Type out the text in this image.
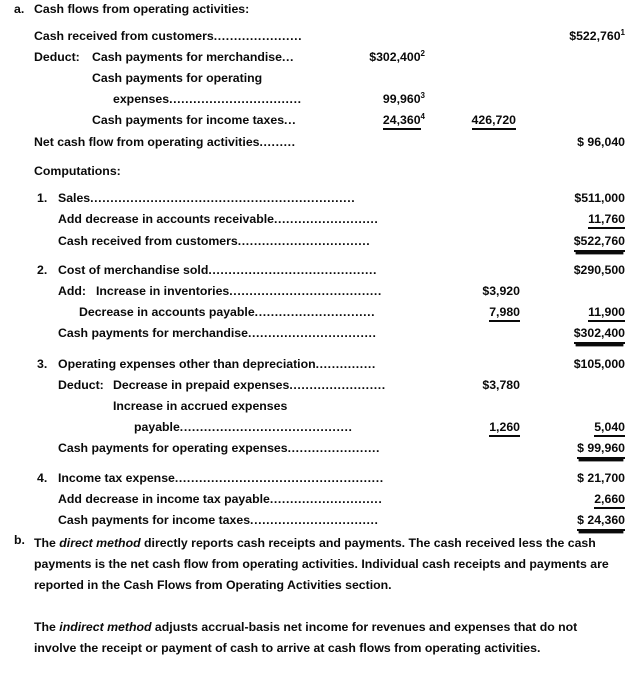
a. Cash flows from operating activities:
Cash received from customers......................	$522,760$^1$
Deduct: Cash payments for merchandise...	$302,400$^2$
Cash payments for operating
expenses.................................	99,960$^3$
Cash payments for income taxes...	24,360$^4$	426,720
Net cash flow from operating activities.........	$ 96,040
Computations:
1. Sales..................................................................	$511,000
Add decrease in accounts receivable..........................	11,760
Cash received from customers.................................	$522,760
2. Cost of merchandise sold..........................................	$290,500
Add: Increase in inventories......................................	$3,920
Decrease in accounts payable..............................	7,980	11,900
Cash payments for merchandise................................	$302,400
3. Operating expenses other than depreciation...............	$105,000
Deduct: Decrease in prepaid expenses........................	$3,780
Increase in accrued expenses
payable...........................................	1,260	5,040
Cash payments for operating expenses.......................	$ 99,960
4. Income tax expense....................................................	$ 21,700
Add decrease in income tax payable............................	2,660
Cash payments for income taxes................................	$ 24,360
b. The direct method directly reports cash receipts and payments. The cash received less the cash payments is the net cash flow from operating activities. Individual cash receipts and payments are reported in the Cash Flows from Operating Activities section.
The indirect method adjusts accrual-basis net income for revenues and expenses that do not involve the receipt or payment of cash to arrive at cash flows from operating activities.
